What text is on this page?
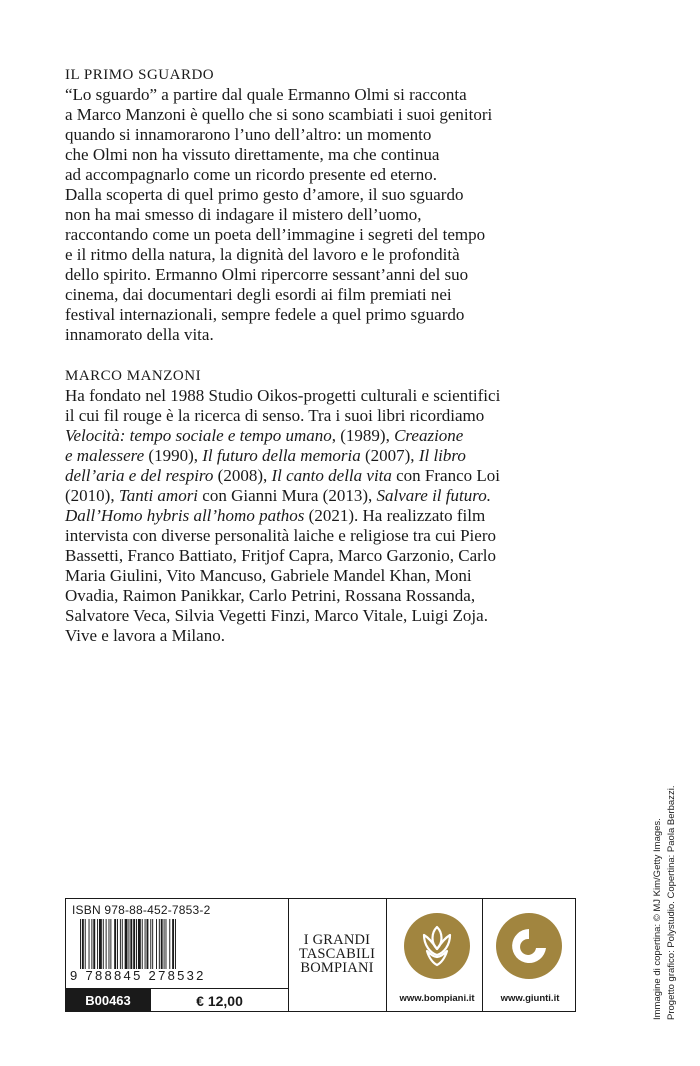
IL PRIMO SGUARDO
“Lo sguardo” a partire dal quale Ermanno Olmi si racconta
a Marco Manzoni è quello che si sono scambiati i suoi genitori
quando si innamorarono l’uno dell’altro: un momento
che Olmi non ha vissuto direttamente, ma che continua
ad accompagnarlo come un ricordo presente ed eterno.
Dalla scoperta di quel primo gesto d’amore, il suo sguardo
non ha mai smesso di indagare il mistero dell’uomo,
raccontando come un poeta dell’immagine i segreti del tempo
e il ritmo della natura, la dignità del lavoro e le profondità
dello spirito. Ermanno Olmi ripercorre sessant’anni del suo
cinema, dai documentari degli esordi ai film premiati nei
festival internazionali, sempre fedele a quel primo sguardo
innamorato della vita.
MARCO MANZONI
Ha fondato nel 1988 Studio Oikos-progetti culturali e scientifici
il cui fil rouge è la ricerca di senso. Tra i suoi libri ricordiamo
Velocità: tempo sociale e tempo umano, (1989), Creazione
e malessere (1990), Il futuro della memoria (2007), Il libro
dell’aria e del respiro (2008), Il canto della vita con Franco Loi
(2010), Tanti amori con Gianni Mura (2013), Salvare il futuro.
Dall’Homo hybris all’homo pathos (2021). Ha realizzato film
intervista con diverse personalità laiche e religiose tra cui Piero
Bassetti, Franco Battiato, Fritjof Capra, Marco Garzonio, Carlo
Maria Giulini, Vito Mancuso, Gabriele Mandel Khan, Moni
Ovadia, Raimon Panikkar, Carlo Petrini, Rossana Rossanda,
Salvatore Veca, Silvia Vegetti Finzi, Marco Vitale, Luigi Zoja.
Vive e lavora a Milano.
Immagine di copertina: © MJ Kim/Getty Images. Progetto grafico: Polystudio. Copertina: Paola Berbazzi.
ISBN 978-88-452-7853-2
9 788845 278532
B00463	€ 12,00
I GRANDI
TASCABILI
BOMPIANI
www.bompiani.it	www.giunti.it
